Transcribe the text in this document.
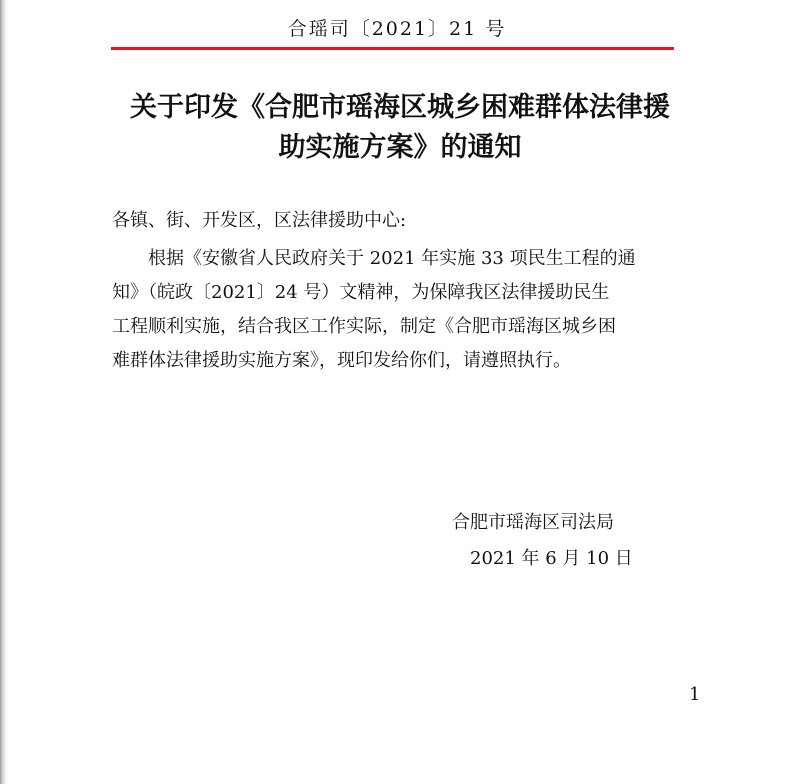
合瑶司〔2021〕21 号
关于印发《合肥市瑶海区城乡困难群体法律援
助实施方案》的通知
各镇、街、开发区，区法律援助中心:
根据《安徽省人民政府关于 2021 年实施 33 项民生工程的通
知》（皖政〔2021〕24 号）文精神，为保障我区法律援助民生
工程顺利实施，结合我区工作实际，制定《合肥市瑶海区城乡困
难群体法律援助实施方案》，现印发给你们，请遵照执行。
合肥市瑶海区司法局
2021 年 6 月 10 日
1
